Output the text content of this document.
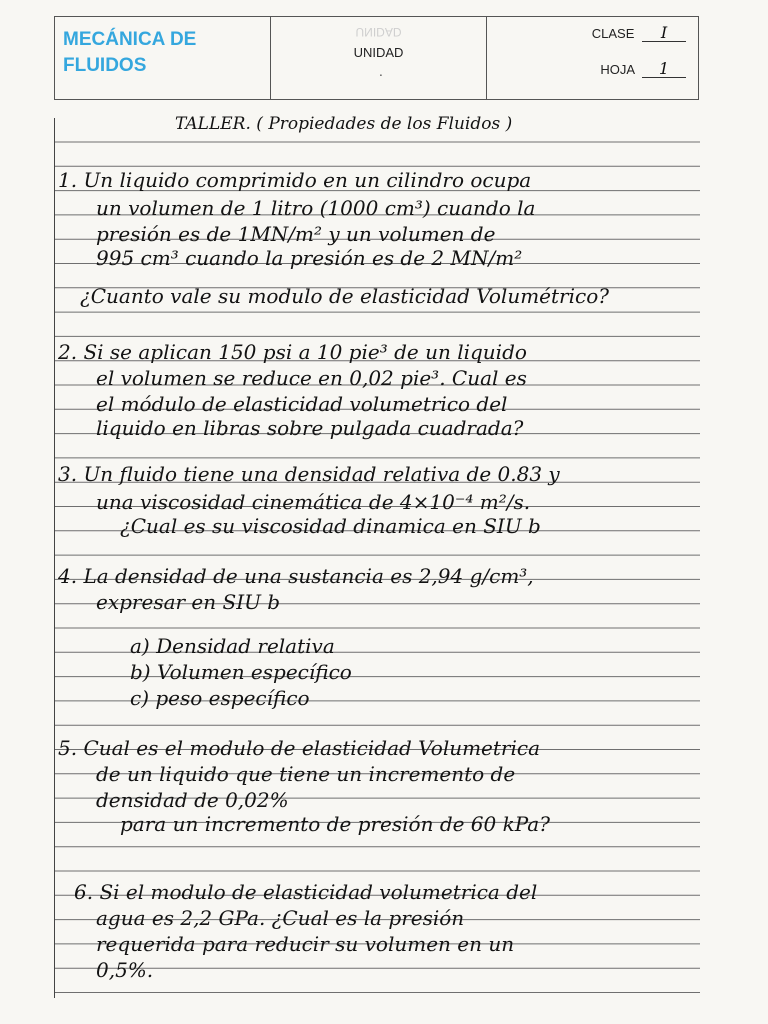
MECÁNICA DE FLUIDOS
UNIDAD
UNIDAD
.
CLASE I
HOJA 1
TALLER. ( Propiedades de los Fluidos )
1. Un liquido comprimido en un cilindro ocupa
un volumen de 1 litro (1000 cm³) cuando la
presión es de 1MN/m² y un volumen de
995 cm³ cuando la presión es de 2 MN/m²
¿Cuanto vale su modulo de elasticidad Volumétrico?
2. Si se aplican 150 psi a 10 pie³ de un liquido
el volumen se reduce en 0,02 pie³. Cual es
el módulo de elasticidad volumetrico del
liquido en libras sobre pulgada cuadrada?
3. Un fluido tiene una densidad relativa de 0.83 y
una viscosidad cinemática de 4×10⁻⁴ m²/s.
¿Cual es su viscosidad dinamica en SIU b
4. La densidad de una sustancia es 2,94 g/cm³,
expresar en SIU b
a) Densidad relativa
b) Volumen específico
c) peso específico
5. Cual es el modulo de elasticidad Volumetrica
de un liquido que tiene un incremento de
densidad de 0,02%
para un incremento de presión de 60 kPa?
6. Si el modulo de elasticidad volumetrica del
agua es 2,2 GPa. ¿Cual es la presión
requerida para reducir su volumen en un
0,5%.
